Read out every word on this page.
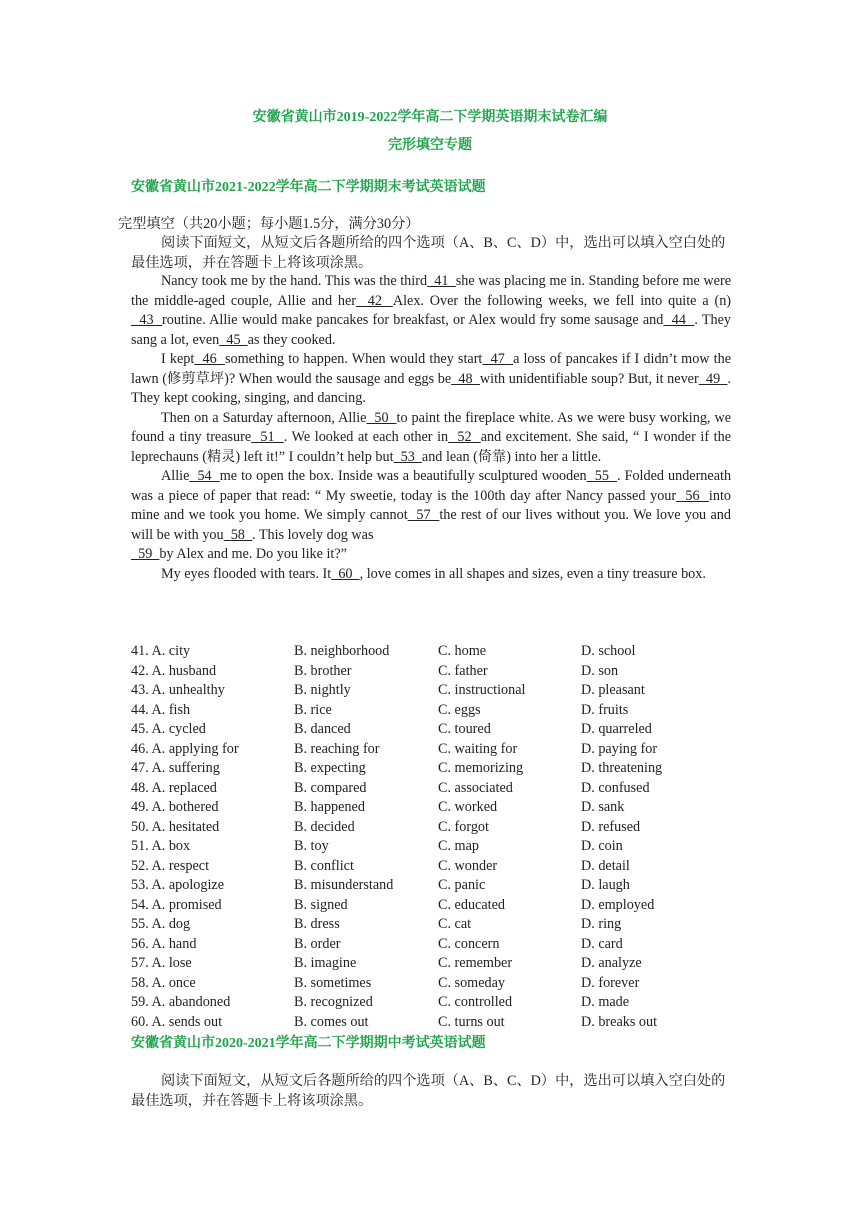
安徽省黄山市2019-2022学年高二下学期英语期末试卷汇编
完形填空专题
安徽省黄山市2021-2022学年高二下学期期末考试英语试题
完型填空（共20小题；每小题1.5分，满分30分）
阅读下面短文，从短文后各题所给的四个选项（A、B、C、D）中，选出可以填入空白处的最佳选项，并在答题卡上将该项涂黑。

Nancy took me by the hand. This was the third  41  she was placing me in. Standing before me were the middle-aged couple, Allie and her  42  Alex. Over the following weeks, we fell into quite a (n)  43  routine. Allie would make pancakes for breakfast, or Alex would fry some sausage and  44  . They sang a lot, even  45  as they cooked.

I kept  46  something to happen. When would they start  47  a loss of pancakes if I didn’t mow the lawn (修剪草坪)? When would the sausage and eggs be  48  with unidentifiable soup? But, it never  49  . They kept cooking, singing, and dancing.

Then on a Saturday afternoon, Allie  50  to paint the fireplace white. As we were busy working, we found a tiny treasure  51  . We looked at each other in  52  and excitement. She said, “ I wonder if the leprechauns (精灵) left it!” I couldn’t help but  53  and lean (倚靠) into her a little.

Allie  54  me to open the box. Inside was a beautifully sculptured wooden  55  . Folded underneath was a piece of paper that read: “ My sweetie, today is the 100th day after Nancy passed your  56  into mine and we took you home. We simply cannot  57  the rest of our lives without you. We love you and will be with you  58  . This lovely dog was

59  by Alex and me. Do you like it?”

My eyes flooded with tears. It  60  , love comes in all shapes and sizes, even a tiny treasure box.

41. A. city	B. neighborhood	C. home	D. school
42. A. husband	B. brother	C. father	D. son
43. A. unhealthy	B. nightly	C. instructional	D. pleasant
44. A. fish	B. rice	C. eggs	D. fruits
45. A. cycled	B. danced	C. toured	D. quarreled
46. A. applying for	B. reaching for	C. waiting for	D. paying for
47. A. suffering	B. expecting	C. memorizing	D. threatening
48. A. replaced	B. compared	C. associated	D. confused
49. A. bothered	B. happened	C. worked	D. sank
50. A. hesitated	B. decided	C. forgot	D. refused
51. A. box	B. toy	C. map	D. coin
52. A. respect	B. conflict	C. wonder	D. detail
53. A. apologize	B. misunderstand	C. panic	D. laugh
54. A. promised	B. signed	C. educated	D. employed
55. A. dog	B. dress	C. cat	D. ring
56. A. hand	B. order	C. concern	D. card
57. A. lose	B. imagine	C. remember	D. analyze
58. A. once	B. sometimes	C. someday	D. forever
59. A. abandoned	B. recognized	C. controlled	D. made
60. A. sends out	B. comes out	C. turns out	D. breaks out
安徽省黄山市2020-2021学年高二下学期期中考试英语试题
阅读下面短文，从短文后各题所给的四个选项（A、B、C、D）中，选出可以填入空白处的最佳选项，并在答题卡上将该项涂黑。
